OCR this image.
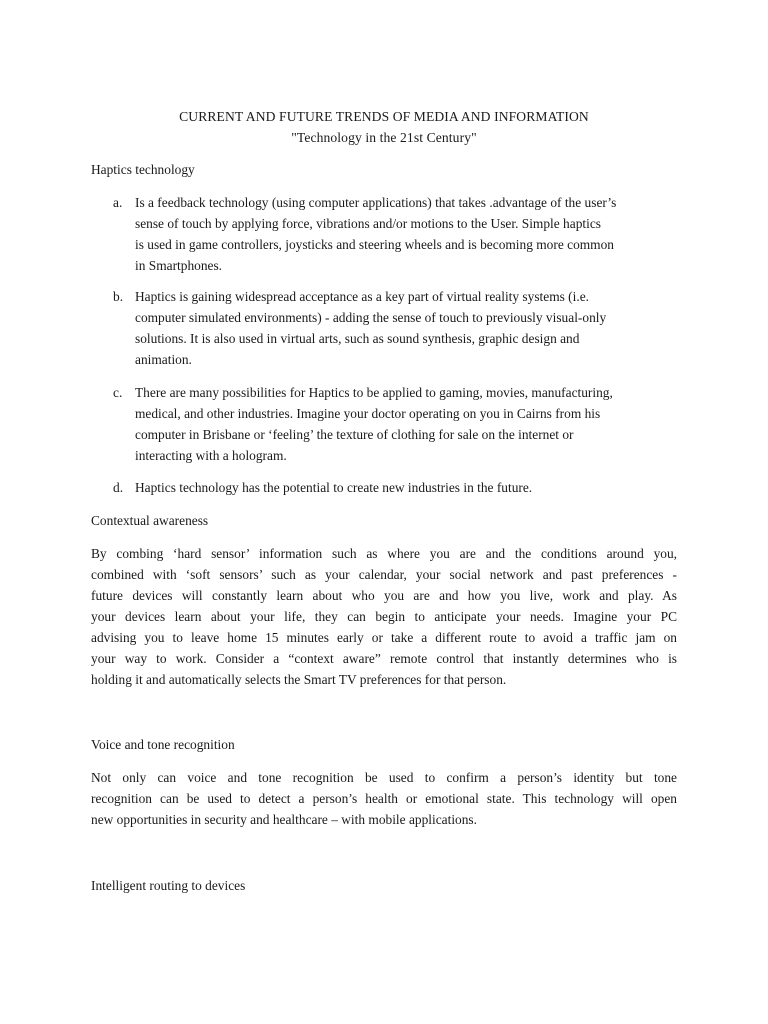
CURRENT AND FUTURE TRENDS OF MEDIA AND INFORMATION
"Technology in the 21st Century"
Haptics technology
a. Is a feedback technology (using computer applications) that takes .advantage of the user’s
sense of touch by applying force, vibrations and/or motions to the User. Simple haptics
is used in game controllers, joysticks and steering wheels and is becoming more common
in Smartphones.
b. Haptics is gaining widespread acceptance as a key part of virtual reality systems (i.e.
computer simulated environments) - adding the sense of touch to previously visual-only
solutions. It is also used in virtual arts, such as sound synthesis, graphic design and
animation.
c. There are many possibilities for Haptics to be applied to gaming, movies, manufacturing,
medical, and other industries. Imagine your doctor operating on you in Cairns from his
computer in Brisbane or ‘feeling’ the texture of clothing for sale on the internet or
interacting with a hologram.
d. Haptics technology has the potential to create new industries in the future.
Contextual awareness
By combing ‘hard sensor’ information such as where you are and the conditions around you,
combined with ‘soft sensors’ such as your calendar, your social network and past preferences -
future devices will constantly learn about who you are and how you live, work and play. As
your devices learn about your life, they can begin to anticipate your needs. Imagine your PC
advising you to leave home 15 minutes early or take a different route to avoid a traffic jam on
your way to work. Consider a “context aware” remote control that instantly determines who is
holding it and automatically selects the Smart TV preferences for that person.
Voice and tone recognition
Not only can voice and tone recognition be used to confirm a person’s identity but tone
recognition can be used to detect a person’s health or emotional state. This technology will open
new opportunities in security and healthcare – with mobile applications.
Intelligent routing to devices
